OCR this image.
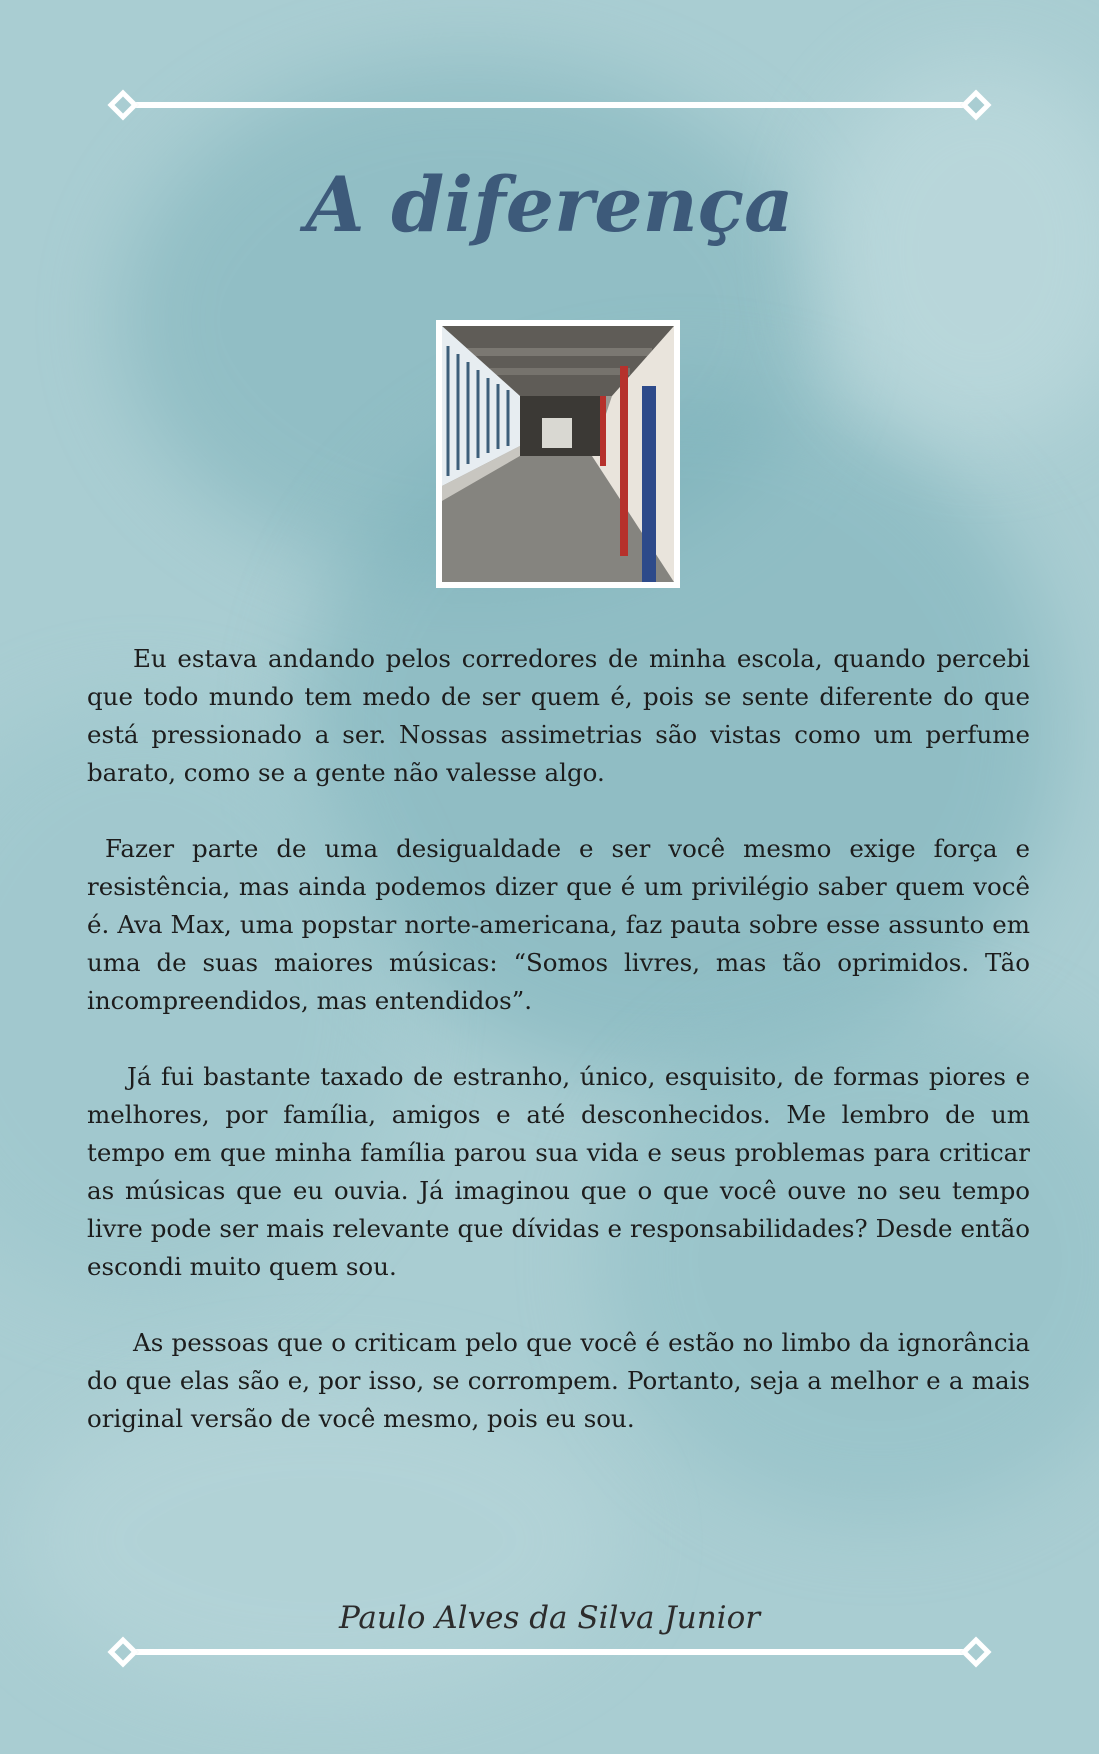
A diferença

Eu estava andando pelos corredores de minha escola, quando percebi que todo mundo tem medo de ser quem é, pois se sente diferente do que está pressionado a ser. Nossas assimetrias são vistas como um perfume barato, como se a gente não valesse algo.

Fazer parte de uma desigualdade e ser você mesmo exige força e resistência, mas ainda podemos dizer que é um privilégio saber quem você é. Ava Max, uma popstar norte-americana, faz pauta sobre esse assunto em uma de suas maiores músicas: “Somos livres, mas tão oprimidos. Tão incompreendidos, mas entendidos”.

Já fui bastante taxado de estranho, único, esquisito, de formas piores e melhores, por família, amigos e até desconhecidos. Me lembro de um tempo em que minha família parou sua vida e seus problemas para criticar as músicas que eu ouvia. Já imaginou que o que você ouve no seu tempo livre pode ser mais relevante que dívidas e responsabilidades? Desde então escondi muito quem sou.

As pessoas que o criticam pelo que você é estão no limbo da ignorância do que elas são e, por isso, se corrompem. Portanto, seja a melhor e a mais original versão de você mesmo, pois eu sou.

Paulo Alves da Silva Junior
